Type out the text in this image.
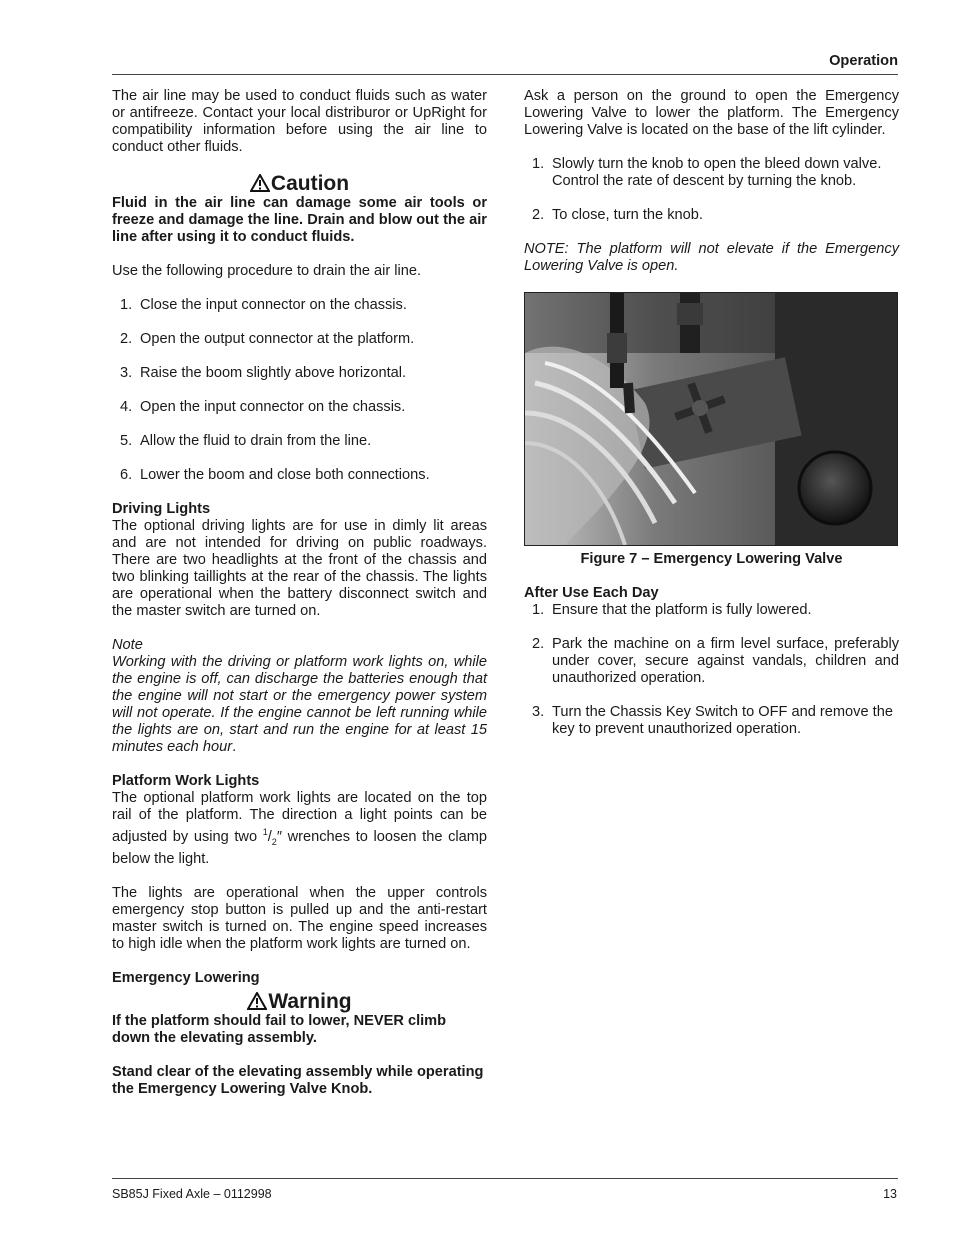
Operation

The air line may be used to conduct fluids such as water or antifreeze. Contact your local distriburor or UpRight for compatibility information before using the air line to conduct other fluids.

Caution

Fluid in the air line can damage some air tools or freeze and damage the line. Drain and blow out the air line after using it to conduct fluids.

Use the following procedure to drain the air line.

1. Close the input connector on the chassis.
2. Open the output connector at the platform.
3. Raise the boom slightly above horizontal.
4. Open the input connector on the chassis.
5. Allow the fluid to drain from the line.
6. Lower the boom and close both connections.
Driving Lights

The optional driving lights are for use in dimly lit areas and are not intended for driving on public roadways. There are two headlights at the front of the chassis and two blinking taillights at the rear of the chassis. The lights are operational when the battery disconnect switch and the master switch are turned on.

Note

Working with the driving or platform work lights on, while the engine is off, can discharge the batteries enough that the engine will not start or the emergency power system will not operate. If the engine cannot be left running while the lights are on, start and run the engine for at least 15 minutes each hour.

Platform Work Lights

The optional platform work lights are located on the top rail of the platform. The direction a light points can be adjusted by using two $^1/_2''$ wrenches to loosen the clamp below the light.

The lights are operational when the upper controls emergency stop button is pulled up and the anti-restart master switch is turned on. The engine speed increases to high idle when the platform work lights are turned on.

Emergency Lowering
Warning

If the platform should fail to lower, NEVER climb down the elevating assembly.

Stand clear of the elevating assembly while operating the Emergency Lowering Valve Knob.

Ask a person on the ground to open the Emergency Lowering Valve to lower the platform. The Emergency Lowering Valve is located on the base of the lift cylinder.

1. Slowly turn the knob to open the bleed down valve. Control the rate of descent by turning the knob.
2. To close, turn the knob.

NOTE: The platform will not elevate if the Emergency Lowering Valve is open.

Figure 7 – Emergency Lowering Valve
After Use Each Day
1. Ensure that the platform is fully lowered.
2. Park the machine on a firm level surface, preferably under cover, secure against vandals, children and unauthorized operation.
3. Turn the Chassis Key Switch to OFF and remove the key to prevent unauthorized operation.
SB85J Fixed Axle – 0112998	13
